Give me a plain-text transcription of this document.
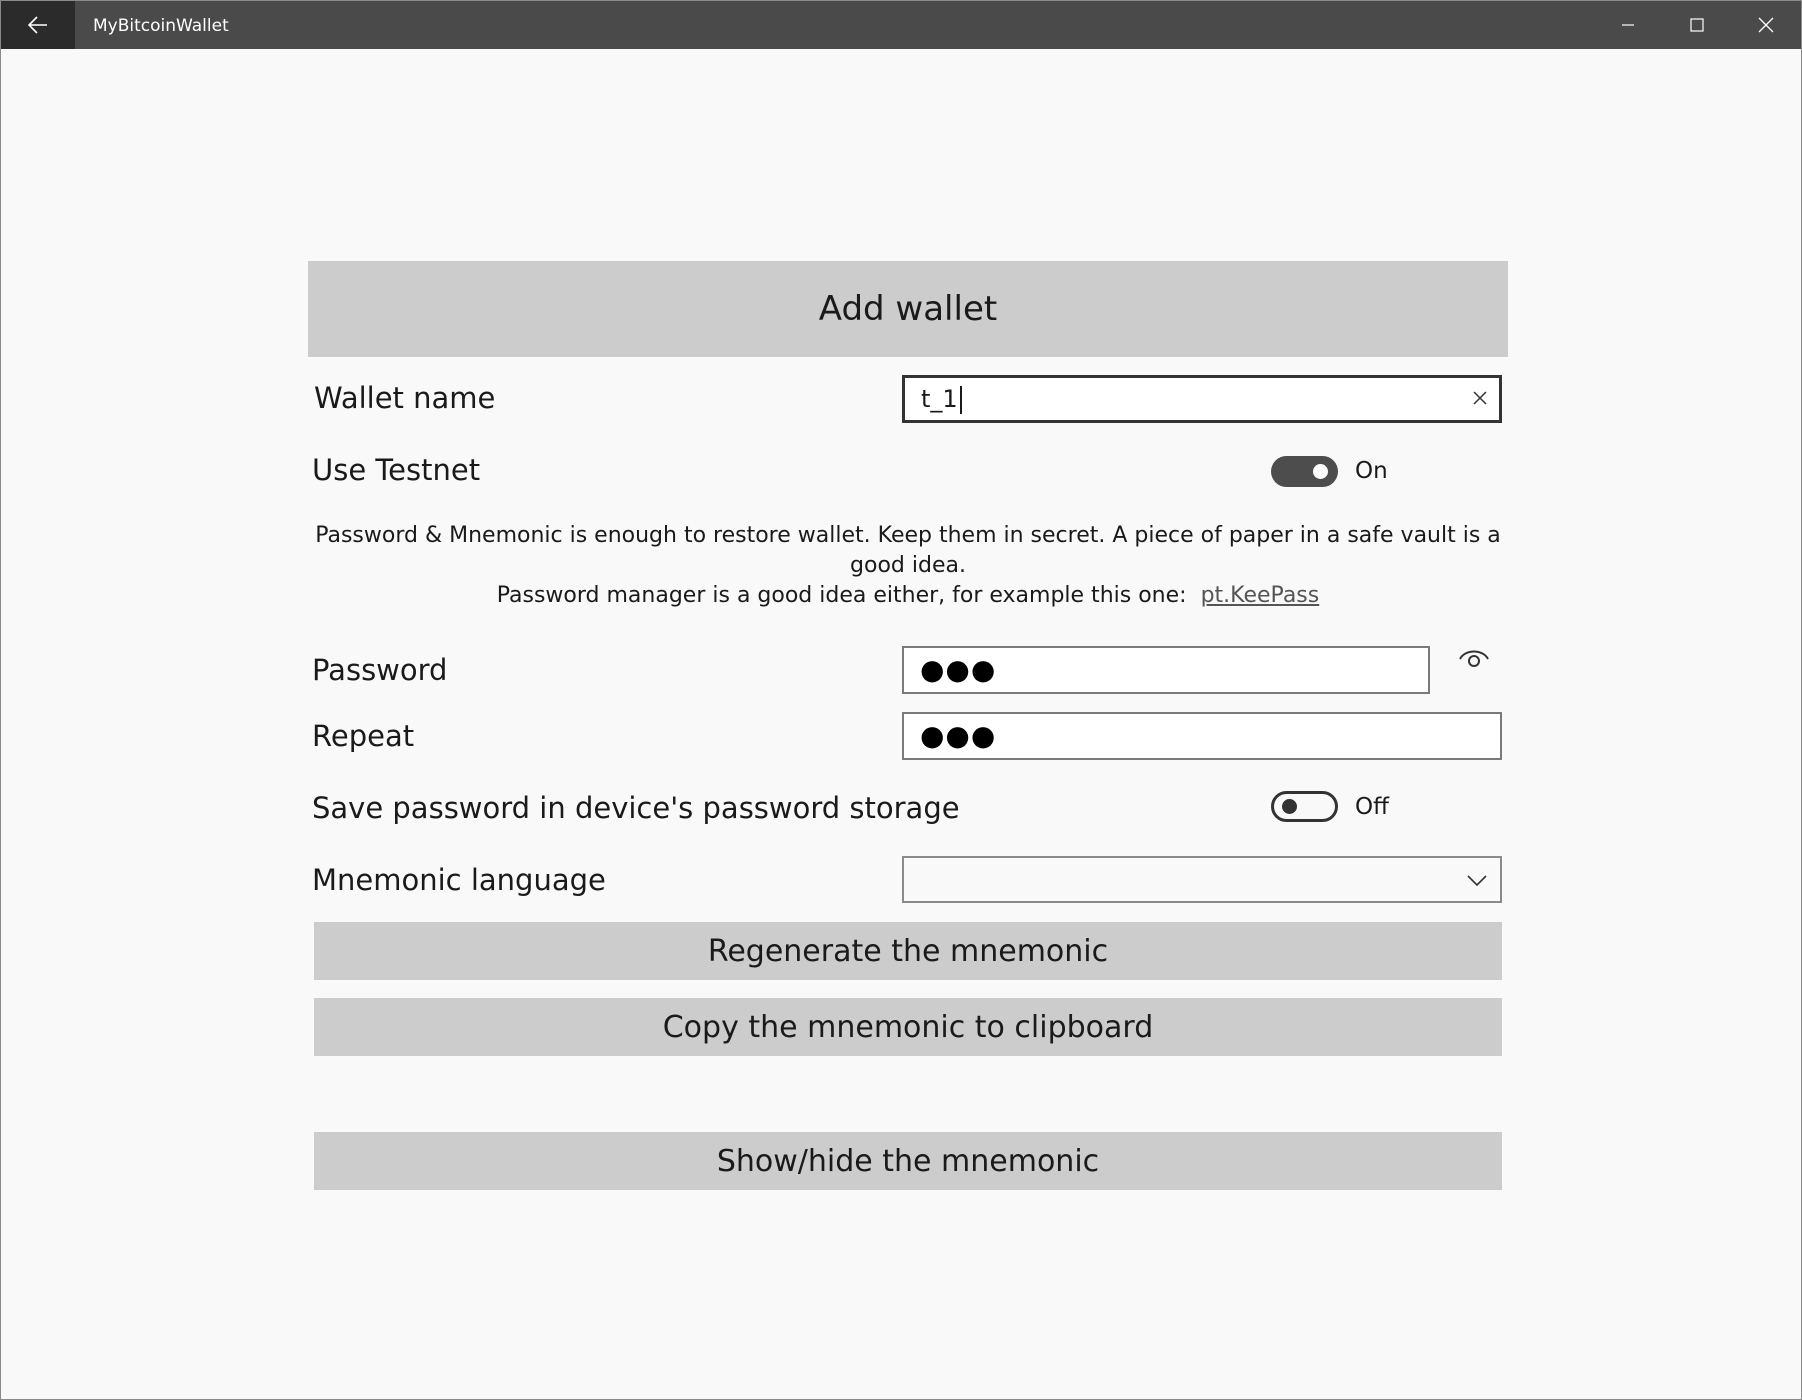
MyBitcoinWallet
Add wallet
Wallet name	t_1
Use Testnet	On
Password & Mnemonic is enough to restore wallet. Keep them in secret. A piece of paper in a safe vault is a good idea.
Password manager is a good idea either, for example this one: pt.KeePass
Password	●●●
Repeat	●●●
Save password in device's password storage	Off
Mnemonic language
Regenerate the mnemonic
Copy the mnemonic to clipboard
Show/hide the mnemonic
